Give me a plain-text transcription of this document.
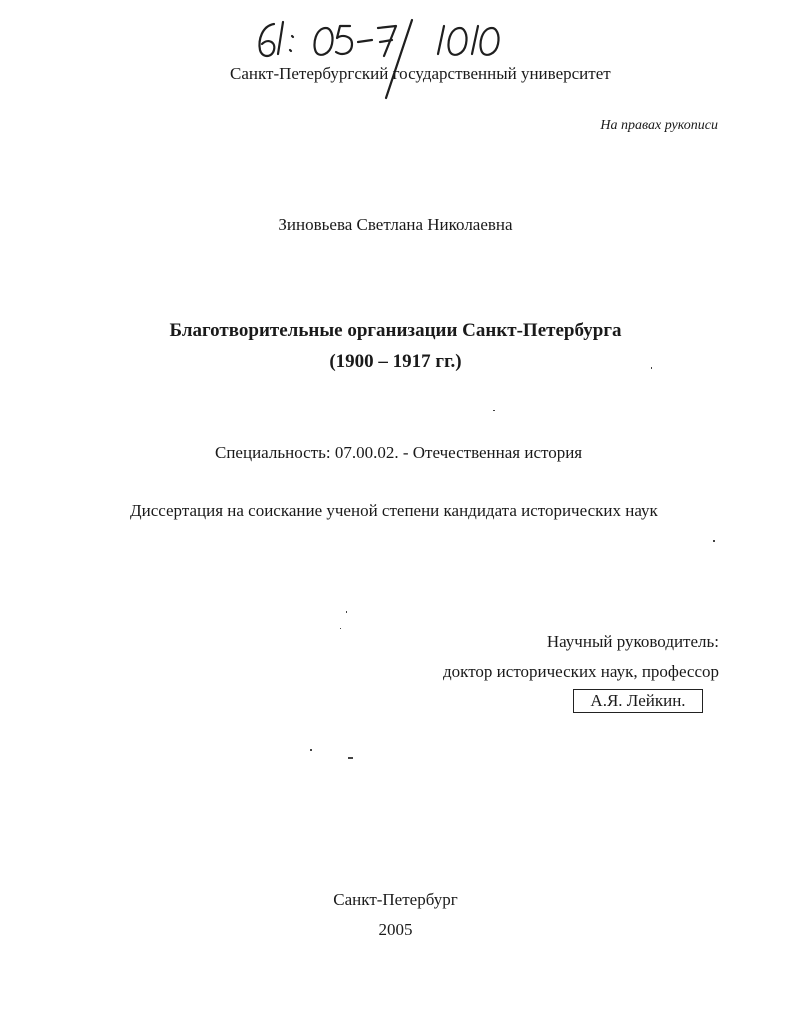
Санкт-Петербургский государственный университет
На правах рукописи
Зиновьева Светлана Николаевна
Благотворительные организации Санкт-Петербурга
(1900 – 1917 гг.)
Специальность: 07.00.02. - Отечественная история
Диссертация на соискание ученой степени кандидата исторических наук
Научный руководитель:
доктор исторических наук, профессор
А.Я. Лейкин.
Санкт-Петербург
2005
